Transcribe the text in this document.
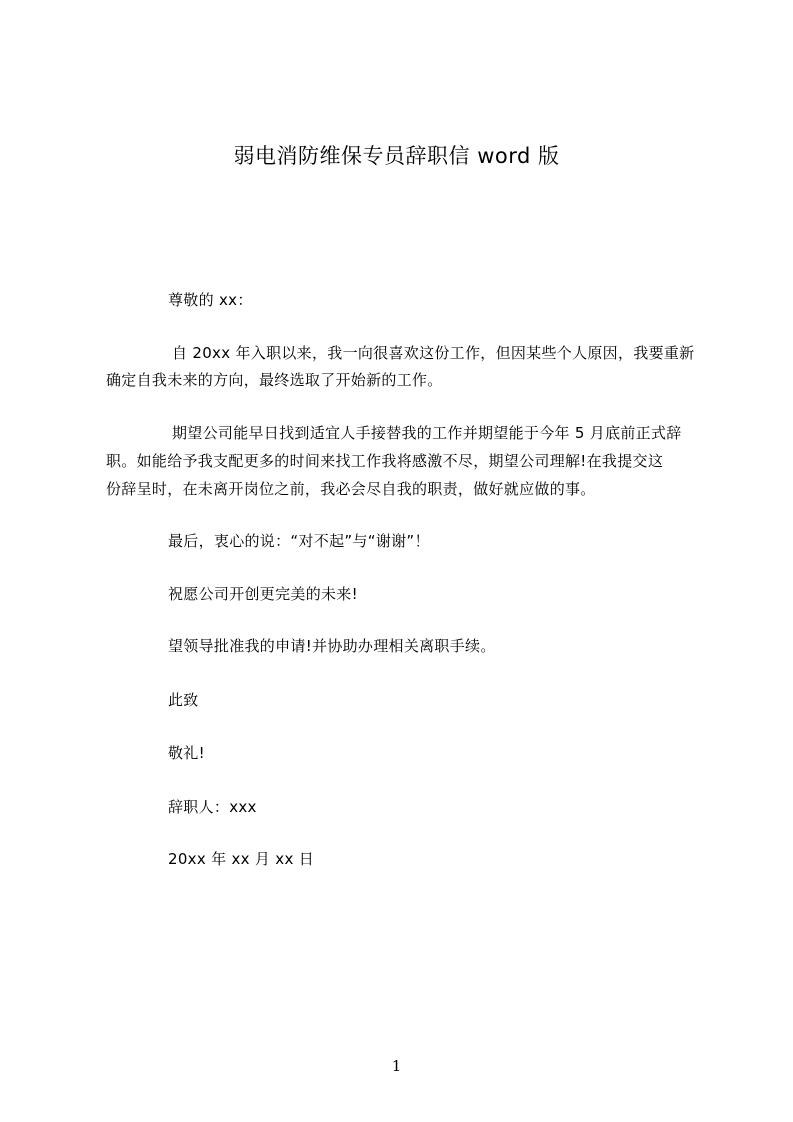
弱电消防维保专员辞职信 word 版
尊敬的 xx：
自 20xx 年入职以来，我一向很喜欢这份工作，但因某些个人原因，我要重新
确定自我未来的方向，最终选取了开始新的工作。
期望公司能早日找到适宜人手接替我的工作并期望能于今年 5 月底前正式辞
职。如能给予我支配更多的时间来找工作我将感激不尽，期望公司理解!在我提交这
份辞呈时，在未离开岗位之前，我必会尽自我的职责，做好就应做的事。
最后，衷心的说：“对不起”与“谢谢”！
祝愿公司开创更完美的未来!
望领导批准我的申请!并协助办理相关离职手续。
此致
敬礼!
辞职人：xxx
20xx 年 xx 月 xx 日
1
